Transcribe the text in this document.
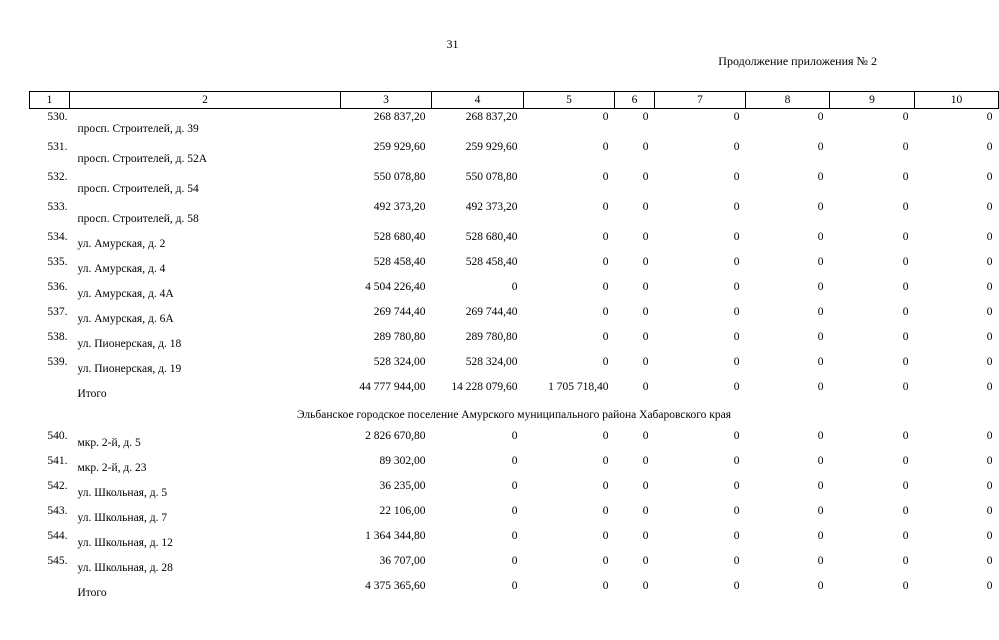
31
Продолжение приложения № 2
1	2	3	4	5	6	7	8	9	10
530.	просп. Строителей, д. 39	268 837,20	268 837,20	0	0	0	0	0	0
531.	просп. Строителей, д. 52А	259 929,60	259 929,60	0	0	0	0	0	0
532.	просп. Строителей, д. 54	550 078,80	550 078,80	0	0	0	0	0	0
533.	просп. Строителей, д. 58	492 373,20	492 373,20	0	0	0	0	0	0
534.	ул. Амурская, д. 2	528 680,40	528 680,40	0	0	0	0	0	0
535.	ул. Амурская, д. 4	528 458,40	528 458,40	0	0	0	0	0	0
536.	ул. Амурская, д. 4А	4 504 226,40	0	0	0	0	0	0	0
537.	ул. Амурская, д. 6А	269 744,40	269 744,40	0	0	0	0	0	0
538.	ул. Пионерская, д. 18	289 780,80	289 780,80	0	0	0	0	0	0
539.	ул. Пионерская, д. 19	528 324,00	528 324,00	0	0	0	0	0	0
	Итого	44 777 944,00	14 228 079,60	1 705 718,40	0	0	0	0	0
Эльбанское городское поселение Амурского муниципального района Хабаровского края									
540.	мкр. 2-й, д. 5	2 826 670,80	0	0	0	0	0	0	0
541.	мкр. 2-й, д. 23	89 302,00	0	0	0	0	0	0	0
542.	ул. Школьная, д. 5	36 235,00	0	0	0	0	0	0	0
543.	ул. Школьная, д. 7	22 106,00	0	0	0	0	0	0	0
544.	ул. Школьная, д. 12	1 364 344,80	0	0	0	0	0	0	0
545.	ул. Школьная, д. 28	36 707,00	0	0	0	0	0	0	0
	Итого	4 375 365,60	0	0	0	0	0	0	0
